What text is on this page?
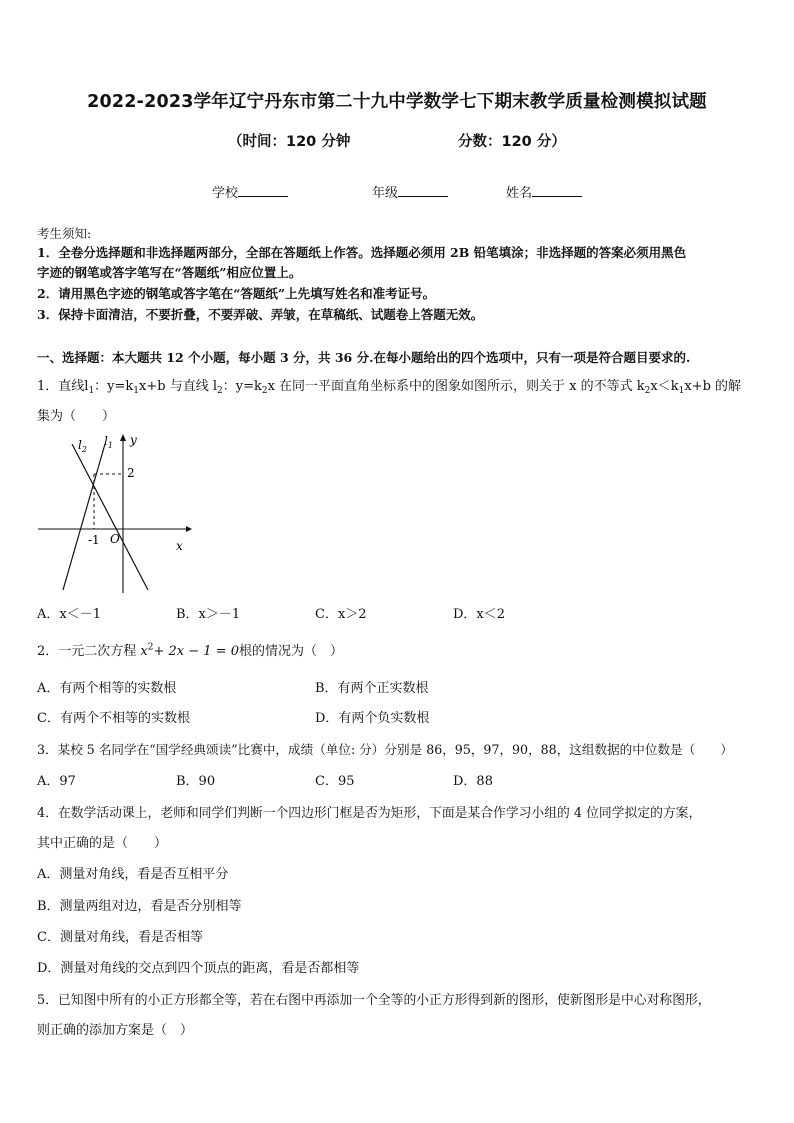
2022-2023学年辽宁丹东市第二十九中学数学七下期末教学质量检测模拟试题
（时间：120 分钟	分数：120 分）
学校	年级	姓名
考生须知:
1．全卷分选择题和非选择题两部分，全部在答题纸上作答。选择题必须用 2B 铅笔填涂；非选择题的答案必须用黑色
字迹的钢笔或答字笔写在“答题纸”相应位置上。
2．请用黑色字迹的钢笔或答字笔在“答题纸”上先填写姓名和准考证号。
3．保持卡面清洁，不要折叠，不要弄破、弄皱，在草稿纸、试题卷上答题无效。
一、选择题：本大题共 12 个小题，每小题 3 分，共 36 分.在每小题给出的四个选项中，只有一项是符合题目要求的.
1．直线$l_1$：$y=k_1x+b$ 与直线 $l_2$：$y=k_2x$ 在同一平面直角坐标系中的图象如图所示，则关于 x 的不等式 $k_2x<k_1x+b$ 的解
集为（　　）
$l_2$
$l_1$ y
2
-1 O	x
A．x＜－1	B．x＞－1	C．x＞2	D．x＜2
2．一元二次方程 $x^2+ 2x - 1 = 0$根的情况为（　）
A．有两个相等的实数根	B．有两个正实数根
C．有两个不相等的实数根	D．有两个负实数根
3．某校 5 名同学在“国学经典颂读”比赛中，成绩（单位: 分）分别是 86，95，97，90，88，这组数据的中位数是（　　）
A．97	B．90	C．95	D．88
4．在数学活动课上，老师和同学们判断一个四边形门框是否为矩形，下面是某合作学习小组的 4 位同学拟定的方案，
其中正确的是（　　）
A．测量对角线，看是否互相平分
B．测量两组对边，看是否分别相等
C．测量对角线，看是否相等
D．测量对角线的交点到四个顶点的距离，看是否都相等
5．已知图中所有的小正方形都全等，若在右图中再添加一个全等的小正方形得到新的图形，使新图形是中心对称图形，
则正确的添加方案是（　）
